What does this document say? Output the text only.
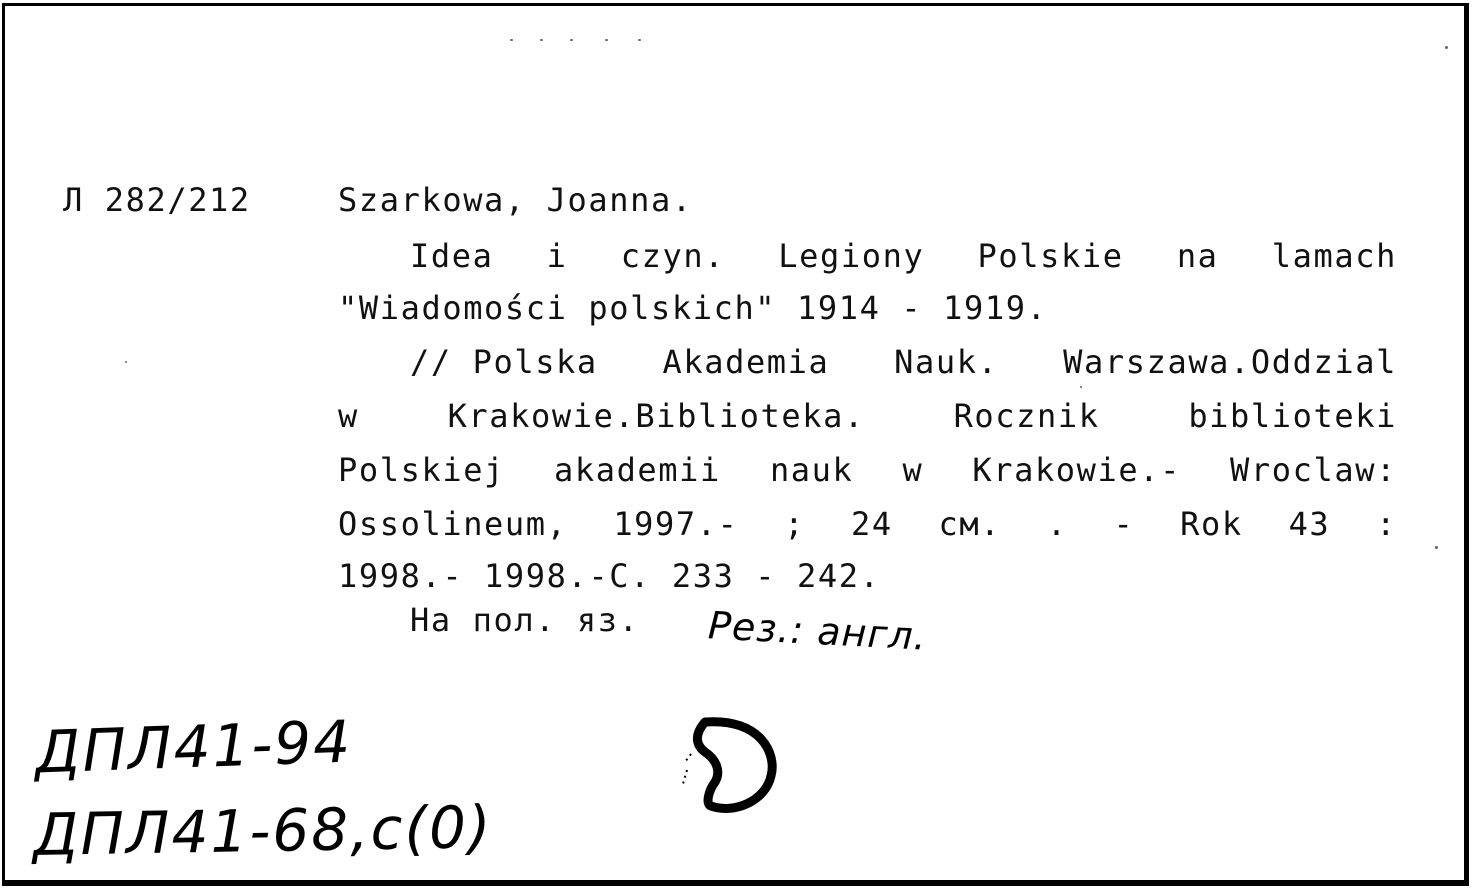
Л 282/212	Szarkowa, Joanna.
Idea i czyn. Legiony Polskie na lamach
"Wiadomości polskich" 1914 - 1919.
// Polska Akademia Nauk. Warszawa.Oddzial
w	Krakowie.Biblioteka.	Rocznik	biblioteki
Polskiej akademii nauk w Krakowie.- Wroclaw:
Ossolineum, 1997.- ; 24 см. . - Rok 43 :
1998.- 1998.-С. 233 - 242.
На пол. яз. Рез.: англ.
ДПЛ41-94
ДПЛ41-68,с(0)
